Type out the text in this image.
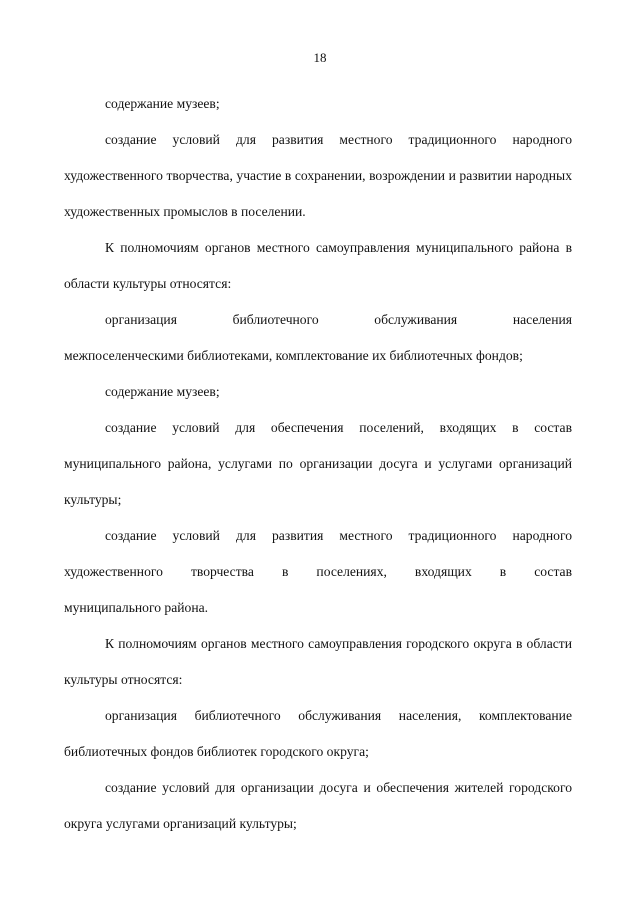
18

содержание музеев;

создание условий для развития местного традиционного народного художественного творчества, участие в сохранении, возрождении и развитии народных художественных промыслов в поселении.

К полномочиям органов местного самоуправления муниципального района в области культуры относятся:

организация библиотечного обслуживания населения

межпоселенческими библиотеками, комплектование их библиотечных фондов;

содержание музеев;

создание условий для обеспечения поселений, входящих в состав муниципального района, услугами по организации досуга и услугами организаций культуры;

создание условий для развития местного традиционного народного

художественного творчества в поселениях, входящих в состав

муниципального района.

К полномочиям органов местного самоуправления городского округа в области культуры относятся:

организация библиотечного обслуживания населения, комплектование библиотечных фондов библиотек городского округа;

создание условий для организации досуга и обеспечения жителей городского округа услугами организаций культуры;
